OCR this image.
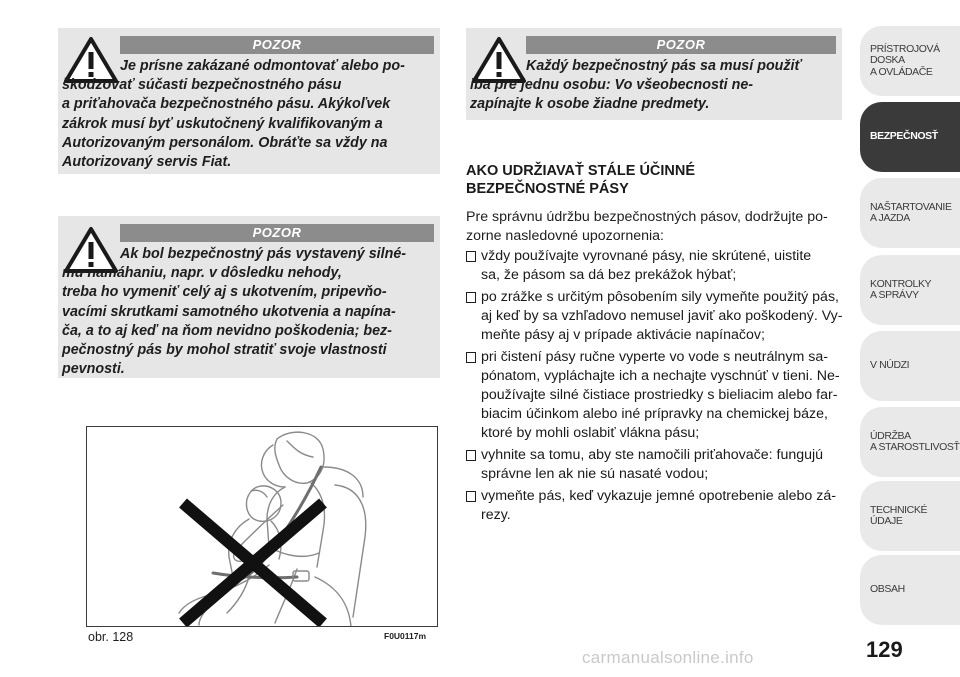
POZOR
Je prísne zakázané odmontovať alebo po-
škodzovať súčasti bezpečnostného pásu
a priťahovača bezpečnostného pásu. Akýkoľvek
zákrok musí byť uskutočnený kvalifikovaným a
Autorizovaným personálom. Obráťte sa vždy na
Autorizovaný servis Fiat.
POZOR
Ak bol bezpečnostný pás vystavený silné-
mu namáhaniu, napr. v dôsledku nehody,
treba ho vymeniť celý aj s ukotvením, pripevňo-
vacími skrutkami samotného ukotvenia a napína-
ča, a to aj keď na ňom nevidno poškodenia; bez-
pečnostný pás by mohol stratiť svoje vlastnosti
pevnosti.
POZOR
Každý bezpečnostný pás sa musí použiť
iba pre jednu osobu: Vo všeobecnosti ne-
zapínajte k osobe žiadne predmety.
AKO UDRŽIAVAŤ STÁLE ÚČINNÉ
BEZPEČNOSTNÉ PÁSY
Pre správnu údržbu bezpečnostných pásov, dodržujte po-
zorne nasledovné upozornenia:
vždy používajte vyrovnané pásy, nie skrútené, uistite
sa, že pásom sa dá bez prekážok hýbať;
po zrážke s určitým pôsobením sily vymeňte použitý pás,
aj keď by sa vzhľadovo nemusel javiť ako poškodený. Vy-
meňte pásy aj v prípade aktivácie napínačov;
pri čistení pásy ručne vyperte vo vode s neutrálnym sa-
pónatom, vypláchajte ich a nechajte vyschnúť v tieni. Ne-
používajte silné čistiace prostriedky s bieliacim alebo far-
biacim účinkom alebo iné prípravky na chemickej báze,
ktoré by mohli oslabiť vlákna pásu;
vyhnite sa tomu, aby ste namočili priťahovače: fungujú
správne len ak nie sú nasaté vodou;
vymeňte pás, keď vykazuje jemné opotrebenie alebo zá-
rezy.
obr. 128	F0U0117m
PRÍSTROJOVÁ
DOSKA
A OVLÁDAČE
BEZPEČNOSŤ
NAŠTARTOVANIE
A JAZDA
KONTROLKY
A SPRÁVY
V NÚDZI
ÚDRŽBA
A STAROSTLIVOSŤ
TECHNICKÉ ÚDAJE
OBSAH
129
carmanualsonline.info
